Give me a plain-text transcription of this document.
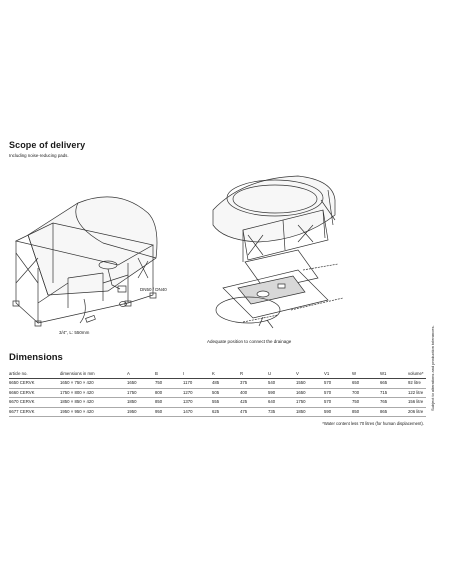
Scope of delivery
Including noise-reducing pads.
DN50 / DN40
3/4", L: 550mm
Adequate position to connect the drainage
Dimensions
article no.	dimensions in mm	A	B	I	K	R	U	V	V1	W	W1	volume*
6650 CERVK	1650 × 750 × 420	1650	750	1170	485	375	540	1550	570	650	665	92 litre
6660 CERVK	1750 × 800 × 420	1750	800	1270	505	400	590	1650	570	700	715	122 litre
6670 CERVK	1850 × 850 × 420	1850	850	1370	555	425	640	1750	570	750	765	156 litre
6677 CERVK	1950 × 950 × 420	1950	950	1470	625	475	735	1850	590	850	865	206 litre
*Water content less 70 litres (for human displacement).
Subject to alterations and production tolerances.
